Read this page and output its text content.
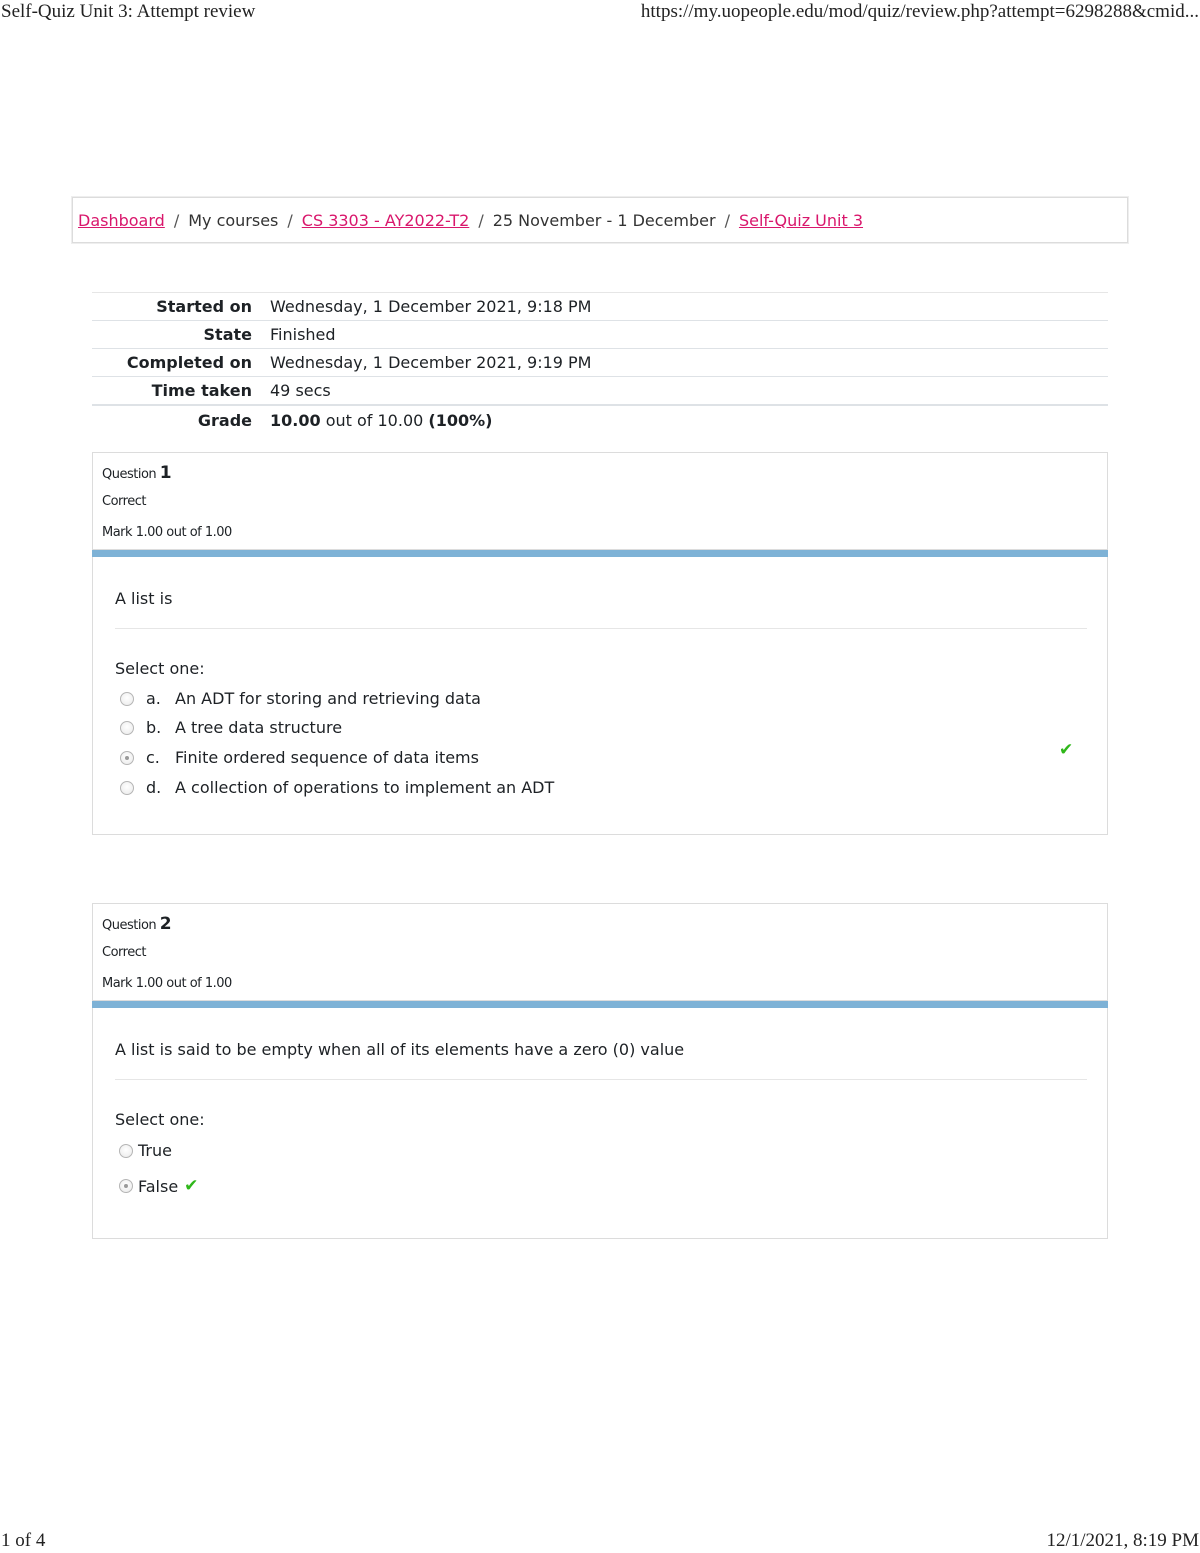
Self-Quiz Unit 3: Attempt review	https://my.uopeople.edu/mod/quiz/review.php?attempt=6298288&cmid...
Dashboard / My courses / CS 3303 - AY2022-T2 / 25 November - 1 December / Self-Quiz Unit 3
Started on	Wednesday, 1 December 2021, 9:18 PM
State	Finished
Completed on	Wednesday, 1 December 2021, 9:19 PM
Time taken	49 secs
Grade	10.00 out of 10.00 (100%)
Question 1
Correct
Mark 1.00 out of 1.00
A list is
Select one:
a. An ADT for storing and retrieving data
b. A tree data structure
c. Finite ordered sequence of data items	✔
d. A collection of operations to implement an ADT
Question 2
Correct
Mark 1.00 out of 1.00
A list is said to be empty when all of its elements have a zero (0) value
Select one:
True
False ✔
1 of 4	12/1/2021, 8:19 PM
